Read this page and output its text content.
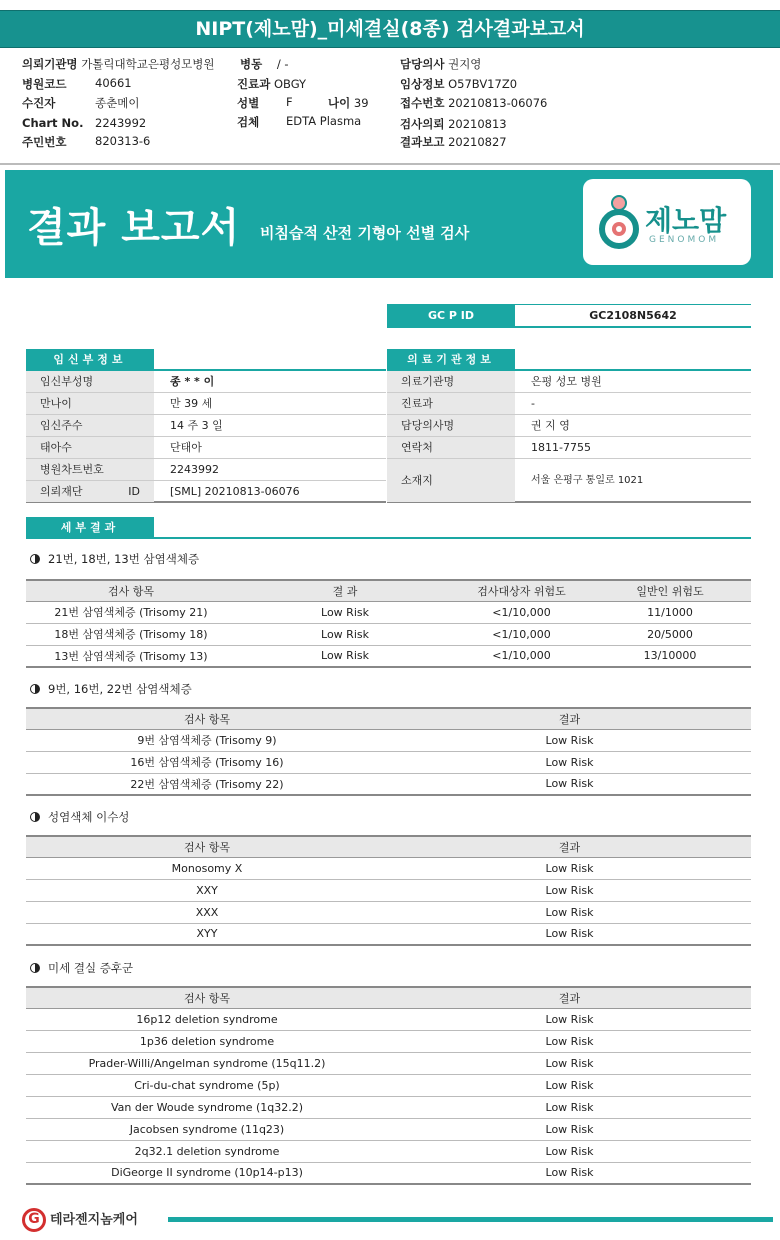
NIPT(제노맘)_미세결실(8종) 검사결과보고서
의뢰기관명 가톨릭대학교은평성모병원 병동 / -	담당의사 권지영
병원코드 40661	진료과 OBGY	임상정보 O57BV17Z0
수진자	종춘메이	성별 F	나이 39	접수번호 20210813-06076
Chart No. 2243992	검체 EDTA Plasma	검사의뢰 20210813
주민번호 820313-6	결과보고 20210827
결과 보고서 비침습적 산전 기형아 선별 검사	제노맘
GENOMOM
GC P ID	GC2108N5642
임신부정보
임신부성명	종 * * 이
만나이	만 39 세
임신주수	14 주 3 일
태아수	단태아
병원차트번호	2243992
의뢰재단 ID	[SML] 20210813-06076
의료기관정보
의료기관명	은평 성모 병원
진료과	-
담당의사명	권 지 영
연락처	1811-7755
소재지	서울 은평구 통일로 1021
세부결과
21번, 18번, 13번 삼염색체증
검사 항목	결 과	검사대상자 위험도	일반인 위험도
21번 삼염색체증 (Trisomy 21)	Low Risk	<1/10,000	11/1000
18번 삼염색체증 (Trisomy 18)	Low Risk	<1/10,000	20/5000
13번 삼염색체증 (Trisomy 13)	Low Risk	<1/10,000	13/10000
9번, 16번, 22번 삼염색체증
검사 항목	결과
9번 삼염색체증 (Trisomy 9)	Low Risk
16번 삼염색체증 (Trisomy 16)	Low Risk
22번 삼염색체증 (Trisomy 22)	Low Risk
성염색체 이수성
검사 항목	결과
Monosomy X	Low Risk
XXY	Low Risk
XXX	Low Risk
XYY	Low Risk
미세 결실 증후군
검사 항목	결과
16p12 deletion syndrome	Low Risk
1p36 deletion syndrome	Low Risk
Prader-Willi/Angelman syndrome (15q11.2)	Low Risk
Cri-du-chat syndrome (5p)	Low Risk
Van der Woude syndrome (1q32.2)	Low Risk
Jacobsen syndrome (11q23)	Low Risk
2q32.1 deletion syndrome	Low Risk
DiGeorge II syndrome (10p14-p13)	Low Risk
G 테라젠지놈케어
